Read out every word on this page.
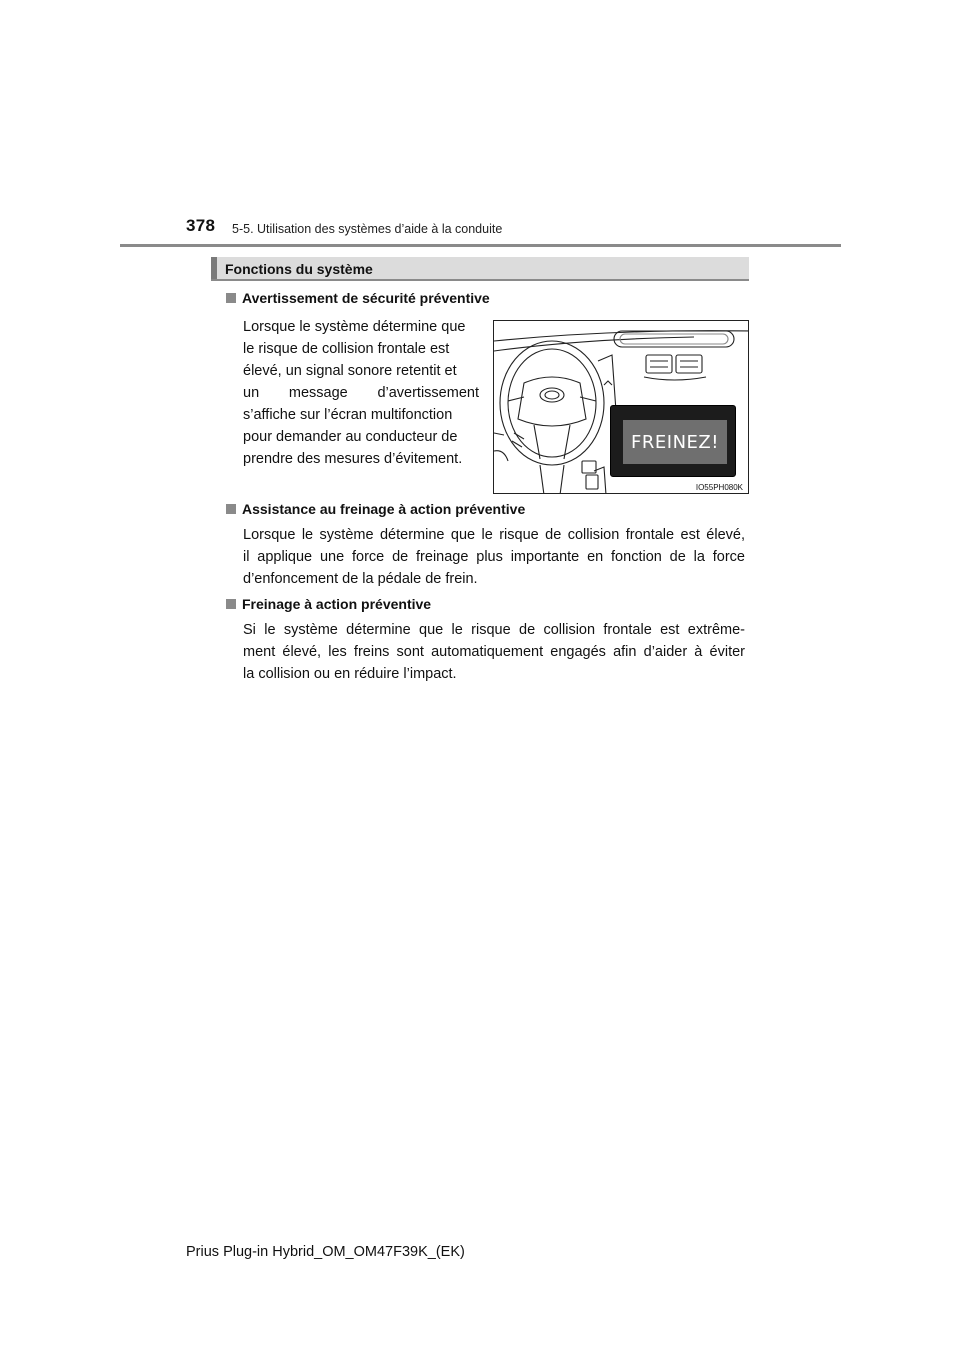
378 5-5. Utilisation des systèmes d’aide à la conduite
Fonctions du système
Avertissement de sécurité préventive
Lorsque le système détermine que
le risque de collision frontale est
élevé, un signal sonore retentit et
un message d’avertissement
s’affiche sur l’écran multifonction
pour demander au conducteur de
prendre des mesures d’évitement.
FREINEZ!
IO55PH080K
Assistance au freinage à action préventive
Lorsque le système détermine que le risque de collision frontale est élevé,
il applique une force de freinage plus importante en fonction de la force
d’enfoncement de la pédale de frein.
Freinage à action préventive
Si le système détermine que le risque de collision frontale est extrême-
ment élevé, les freins sont automatiquement engagés afin d’aider à éviter
la collision ou en réduire l’impact.
Prius Plug-in Hybrid_OM_OM47F39K_(EK)
